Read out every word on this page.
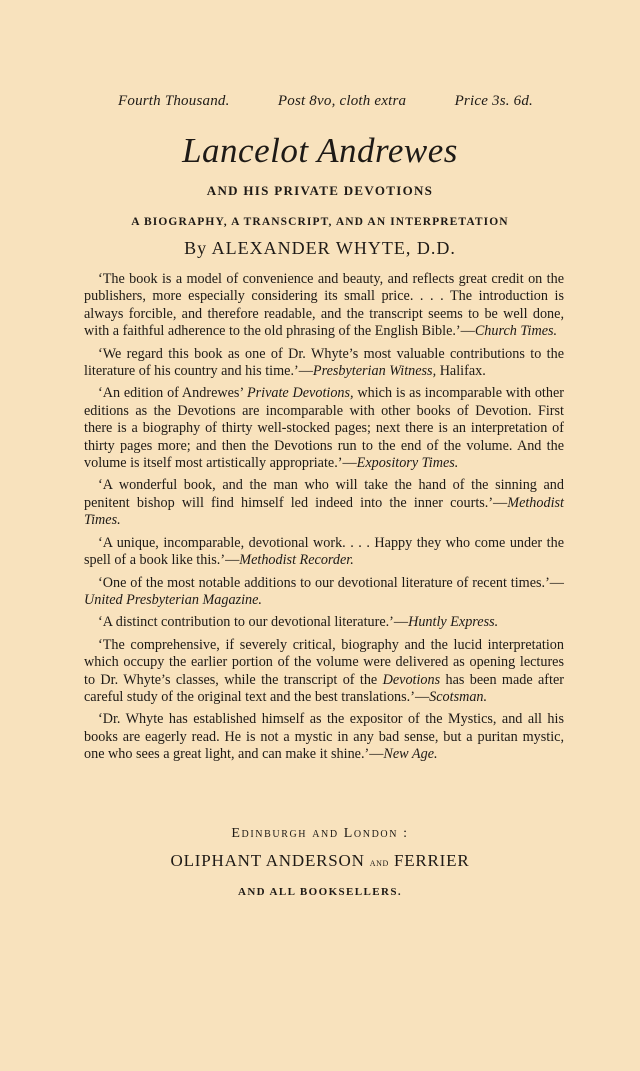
Fourth Thousand.	Post 8vo, cloth extra	Price 3s. 6d.
Lancelot Andrewes
AND HIS PRIVATE DEVOTIONS
A BIOGRAPHY, A TRANSCRIPT, AND AN INTERPRETATION
By ALEXANDER WHYTE, D.D.

‘The book is a model of convenience and beauty, and reflects great credit on the publishers, more especially considering its small price. . . . The introduction is always forcible, and therefore readable, and the transcript seems to be well done, with a faithful adherence to the old phrasing of the English Bible.’—Church Times.

‘We regard this book as one of Dr. Whyte’s most valuable contributions to the literature of his country and his time.’—Presbyterian Witness, Halifax.

‘An edition of Andrewes’ Private Devotions, which is as incomparable with other editions as the Devotions are incomparable with other books of Devotion. First there is a biography of thirty well-stocked pages; next there is an interpretation of thirty pages more; and then the Devotions run to the end of the volume. And the volume is itself most artistically appropriate.’—Expository Times.

‘A wonderful book, and the man who will take the hand of the sinning and penitent bishop will find himself led indeed into the inner courts.’—Methodist Times.

‘A unique, incomparable, devotional work. . . . Happy they who come under the spell of a book like this.’—Methodist Recorder.

‘One of the most notable additions to our devotional literature of recent times.’—United Presbyterian Magazine.

‘A distinct contribution to our devotional literature.’—Huntly Express.

‘The comprehensive, if severely critical, biography and the lucid interpretation which occupy the earlier portion of the volume were delivered as opening lectures to Dr. Whyte’s classes, while the transcript of the Devotions has been made after careful study of the original text and the best translations.’—Scotsman.

‘Dr. Whyte has established himself as the expositor of the Mystics, and all his books are eagerly read. He is not a mystic in any bad sense, but a puritan mystic, one who sees a great light, and can make it shine.’—New Age.

Edinburgh and London :
OLIPHANT ANDERSON and FERRIER
AND ALL BOOKSELLERS.
